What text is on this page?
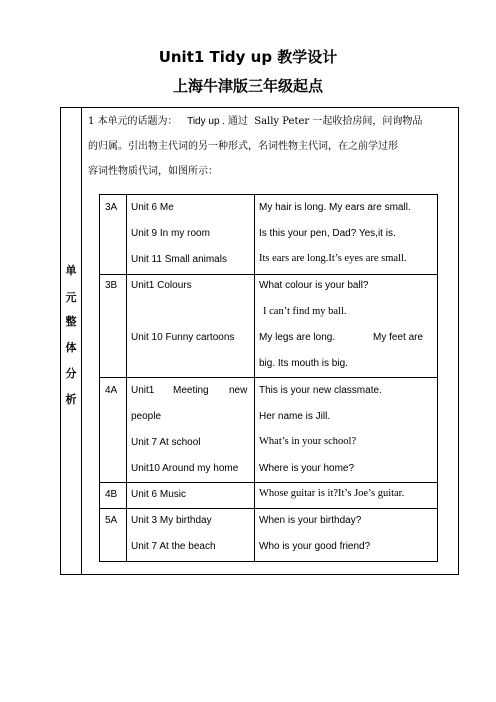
Unit1 Tidy up 教学设计
上海牛津版三年级起点
单
元
整
体
分
析
1 本单元的话题为： Tidy up . 通过 Sally Peter 一起收拾房间，问询物品
的归属。引出物主代词的另一种形式，名词性物主代词，在之前学过形
容词性物质代词，如图所示：
3A Unit 6 Me
Unit 9 In my room
Unit 11 Small animals
My hair is long. My ears are small.
Is this your pen, Dad? Yes,it is.
Its ears are long.It’s eyes are small.
3B Unit1 Colours
Unit 10 Funny cartoons
What colour is your ball?
I can’t find my ball.
My legs are long.	My feet are
big. Its mouth is big.
4A Unit1 Meeting new
people
Unit 7 At school
Unit10 Around my home
This is your new classmate.
Her name is Jill.
What’s in your school?
Where is your home?
4B Unit 6 Music	Whose guitar is it?It’s Joe’s guitar.
5A Unit 3 My birthday
Unit 7 At the beach
When is your birthday?
Who is your good friend?
